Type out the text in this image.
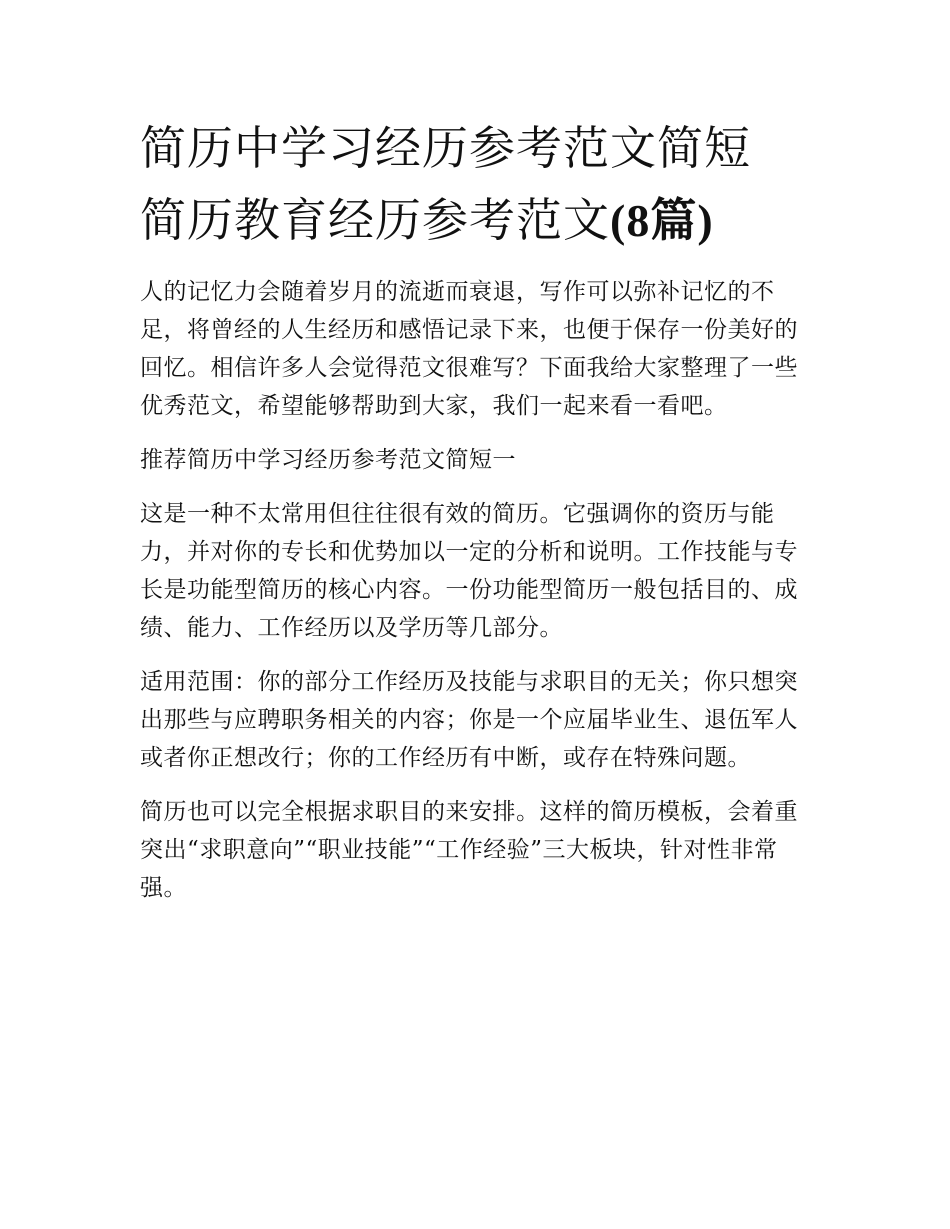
简历中学习经历参考范文简短
简历教育经历参考范文(8篇)

人的记忆力会随着岁月的流逝而衰退，写作可以弥补记忆的不足，将曾经的人生经历和感悟记录下来，也便于保存一份美好的回忆。相信许多人会觉得范文很难写？下面我给大家整理了一些优秀范文，希望能够帮助到大家，我们一起来看一看吧。

推荐简历中学习经历参考范文简短一

这是一种不太常用但往往很有效的简历。它强调你的资历与能力，并对你的专长和优势加以一定的分析和说明。工作技能与专长是功能型简历的核心内容。一份功能型简历一般包括目的、成绩、能力、工作经历以及学历等几部分。

适用范围：你的部分工作经历及技能与求职目的无关；你只想突出那些与应聘职务相关的内容；你是一个应届毕业生、退伍军人或者你正想改行；你的工作经历有中断，或存在特殊问题。

简历也可以完全根据求职目的来安排。这样的简历模板，会着重突出“求职意向”“职业技能”“工作经验”三大板块，针对性非常强。
